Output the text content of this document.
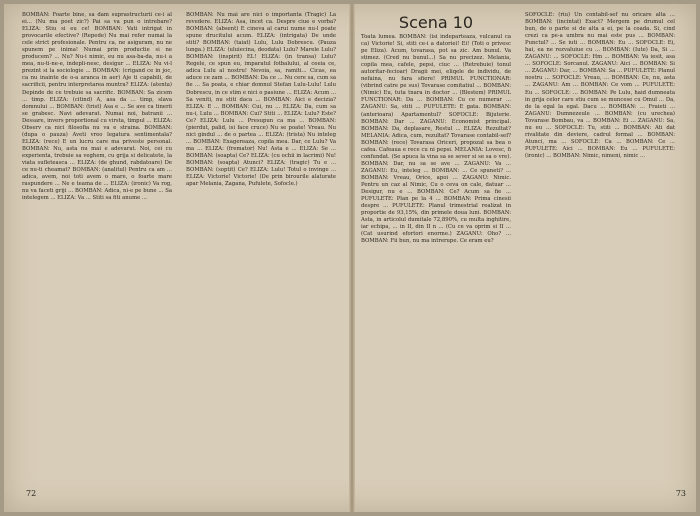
BOMBAN: Foarte bine, sa dam suprastructurii ce-i al ei... (Nu ma poet zic?) Pai sa va pun o intrebare? ELIZA: Stiu si eu ce! BOMBAN: Vati intrigat in provocarile efective? (Repede) Nu mai refer numai la cele strict profesionale. Pentru ca, ne asiguram, nu ne spunem pe inima! Numai prin productie si ne producem? ... Nu? Nu-i nimic, eu nu asa-ba-da, nu-i a mea, nu-ti-ne-e, indepli-nesc, desigur ... ELIZA: Nu vi-l prezint si la sociologie ... BOMBAN: (crigand ce in joc, ca nu inainte de o-a aranca in aer) Aje ti capabili, de sacrificii, pentru interpretarea muntra? ELIZA: (atenta) Depinde de ce trebuie sa sacrific. BOMBAN: Sa zicem ... timp. ELIZA: (citind) A, asa da ... timp, slava domnului ... BOMBAN: (trist) Asa e ... Se ave ca tinerii se grabesc. Navi adevarat. Numai noi, batranii ... Dessare, invers proportional cu virsta, timpul ... ELIZA: Observ ca nici filosofia nu va e straina. BOMBAN: (dupa o pauza) Aveti vreo legatura sentimentala? ELIZA: (rece) E un lucru care ma priveste personal. BOMBAN: Nu, asta nu mai e adevarat. Noi, cei cu experienta, trebuie sa veghem, cu grija si delicatete, la viata sufleteasca ... ELIZA: (de ghund, rabdatoare) De ce nu-ti cheamat? BOMBAN: (analitul) Pentru ca am ... adica, avem, noi toti avem o mare, o foarte mare raspundere ... Ne e teama de ... ELIZA: (ironic) Va rog, nu va faceti griji ... BOMBAN: Adica, ni-e pe bune ... Sa intelegem ... ELIZA: Va ... Stiti sa fiti anume ...

BOMBAN: Nu mai are nici o importanta (Tragic) La revedere. ELIZA: Asa, incet ca. Despre ciue e vorba? BOMBAN: (absent) E cineva al carui nume nu-l poate spune drucitului acum. ELIZA: (intrigata) De unde stiti? BOMBAN: (taiat) Lulu, Lulu Dobrescu. (Pauza lunga.) ELIZA: (uluiecina, deodata) Lulu? Marele Lulu? BOMBAN: (inspirit) EL! ELIZA: (in transa) Lulu? Regele, ce spun eu, imparatul fotbalului, al ceeia ce, adica Lulu al nostru! Nevoia, sa, ramiti... Cicas, ea aduce ce zam ... BOMBAN: Da ce ... Nu cere sa, cum sa fie ... Sa poata, e chiar domnul Stefan Lulu-Lulu! Lulu Dobrescu, in ce stim e nici o pasiune ... ELIZA: Acum ... Sa veniti, nu stiti daca ... BOMBAN: Aici e decizia? ELIZA: E ... BOMBAN: Cui, nu ... ELIZA: Da, cum sa nu-i, Lulu ... BOMBAN: Cui? Stiti ... ELIZA: Lulu? Este? Ce? ELIZA: Lulu ... Presupun ca ma ... BOMBAN: (pierdut, palid, isi face cruce) Nu se poate! Vreau. Nu nici gindul ... de o partea ... ELIZA: (trista) Nu inteleg ... BOMBAN: Exagereaza, copila mea. Dar, ce Lulu? Va ma ... ELIZA: (fremator) Nu! Asta e ... ELIZA: Se ... BOMBAN: (soapta) Ce? ELIZA: (cu ochii in lacrimi) Nu! BOMBAN: (soapta) Atunci? ELIZA: (tragic) Tu e ... BOMBAN: (soptit) Ce? ELIZA: Lulu! Totul o invinge ... ELIZA: Victorie! Victorie! (De prin birourile alaturate apar Melania, Zagana, Pufulete, Sofocle.)

72

Scena 10

Toata lumea. BOMBAN: (isi indeparteaza, vulcanul ca ca) Victorie! Si, stiti ce-i a datoriei! Ei! (Toti o privesc pe Eliza). Acum, tovarasa, pot sa zic. Am bunul. Va stimez. (Cred nu bunul...) Sa nu precizez. Melania, copila mea, cafele, pepsi, ciuc ... (Retrebuie) tonul autoritar-fecioar) Dragii mei, eliqele de individu, de nefaina, nu fara sfiere! PRIMUL FUNCTIONAR: (vibrind catre pe sus) Tovarase comitatiul ... BOMBAN: (Nimic) Eu, tuta tnara in doctor ... (Blestem) PRIMUL FUNCTIONAR: Da ... BOMBAN: Cu ce numerar ... ZAGANU: Sa, stiti ... PUFULETE: E gata. BOMBAN: (anterioara) Apartamentul? SOFOCLE: Bijuterie. BOMBAN: Dar ... ZAGANU: Economist principal. BOMBAN: Da, deplasare, Restul ... ELIZA: Rezultat? MELANIA: Adica, cum, rezultat? Tovarase contabil-sef? BOMBAN: (rece) Tovarasa Oriceri, propozal sa bea o cafea. Cafeaua e rece cu ni pepsi. MELANIA: Lovesc, fi confundat. (Se apuca la vina sa se sever si se sa o vre). BOMBAN: Dar, nu sa se ave ... ZAGANU: Va ... ZAGANU: Eu, inteleg ... BOMBAN: ... Ce spuneti? ... BOMBAN: Vreau, Orice, apoi ... ZAGANU: Nimic. Pentru un caz al Nimic, Cu o ceva on cale, datuar ... Desigur, nu e ... BOMBAN: Ce? Acum sa fie ... PUFULETE: Plan pe la 4 ... BOMBAN: Prima cinesii despre ... PUFULETE: Planul trimestrial realizat in proportie de 93,15%, din primele doua luni. BOMBAN: Asta, in articolul dumitale 72,890%, cu multa inghitire, iar echipa, ... in II, din II n ... (Cu ce va oprim si II ... (Cat usurind efortori enorme.) ZAGANU: Oho? ... BOMBAN: Fii bun, nu ma intrerupe. Ce eram eu?

SOFOCLE: (riu) Un contabil-sef nu oricare alta ... BOMBAN: (incintat) Exact? Mergem pe drumul cel bun, de o parte si de alta a ei, pe la coada. Si, cind crezi ca pe-a umbra nu mai este pus ... BOMBAN: Punctul? ... Se iuti ... BOMBAN: Eu ... SOFOCLE: Ei, hai, ea ne rezvaluiue cu ... BOMBAN: (Iute) Da, Si ... ZAGANU: ... SOFOCLE: Hm ... BOMBAN: Va iesit, asa ... SOFOCLE: Sorcanul. ZAGANU: Aici ... BOMBAN: Si ... ZAGANU: Dar, ... BOMBAN: Sa ... PUFULETE: Planul nostru ... SOFOCLE: Vreau, ... BOMBAN: Ce, nu, asta ... ZAGANU: Am ... BOMBAN: Ce vom ... PUFULETE: Eu ... SOFOCLE: ... BOMBAN: Pe Lulu, haid dumneata in grija celor care stiu cum se muncese cu Omul ... Da, de la egal la egal. Dacu ... BOMBAN: ... Fraieti ... ZAGANU: Dumnezeule ... BOMBAN: (cu urechea) Tovarase Bombau, va ... BOMBAN: Ei ... ZAGANU: Sa, nu eu ... SOFOCLE: Tu, stiti ... BOMBAN: Ati dat rivalitate din deviere, cadrul formal ... BOMBAN: Atunci, ma ... SOFOCLE: Ca ... BOMBAN: Ce ... PUFULETE: Aici ... BOMBAN: Eu ... PUFULETE: (ironic) ... BOMBAN: Nimic, nimeni, nimic ...

73
